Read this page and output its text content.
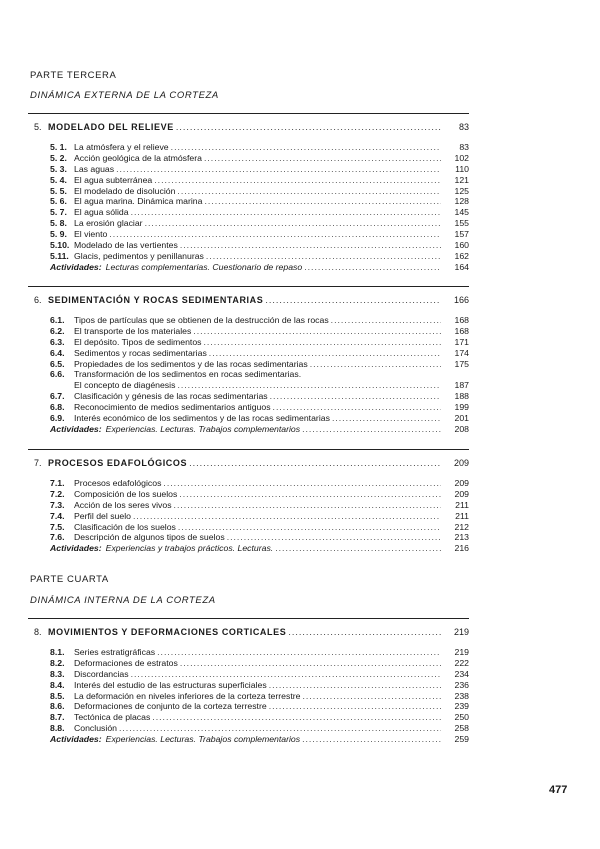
PARTE TERCERA
DINÁMICA EXTERNA DE LA CORTEZA
5. MODELADO DEL RELIEVE .....	83
5. 1. La atmósfera y el relieve .....	83
5. 2. Acción geológica de la atmósfera .....	102
5. 3. Las aguas .....	110
5. 4. El agua subterránea .....	121
5. 5. El modelado de disolución .....	125
5. 6. El agua marina. Dinámica marina .....	128
5. 7. El agua sólida .....	145
5. 8. La erosión glaciar .....	155
5. 9. El viento .....	157
5.10. Modelado de las vertientes .....	160
5.11. Glacis, pedimentos y penillanuras .....	162
Actividades: Lecturas complementarias. Cuestionario de repaso .....	164
6. SEDIMENTACIÓN Y ROCAS SEDIMENTARIAS .....	166
6.1.	Tipos de partículas que se obtienen de la destrucción de las rocas .....	168
6.2.	El transporte de los materiales .....	168
6.3.	El depósito. Tipos de sedimentos .....	171
6.4.	Sedimentos y rocas sedimentarias .....	174
6.5.	Propiedades de los sedimentos y de las rocas sedimentarias .....	175
6.6.	Transformación de los sedimentos en rocas sedimentarias.
El concepto de diagénesis .....	187
6.7.	Clasificación y génesis de las rocas sedimentarias .....	188
6.8.	Reconocimiento de medios sedimentarios antiguos .....	199
6.9.	Interés económico de los sedimentos y de las rocas sedimentarias .....	201
Actividades: Experiencias. Lecturas. Trabajos complementarios .....	208
7. PROCESOS EDAFOLÓGICOS .....	209
7.1.	Procesos edafológicos .....	209
7.2.	Composición de los suelos .....	209
7.3.	Acción de los seres vivos .....	211
7.4.	Perfil del suelo .....	211
7.5.	Clasificación de los suelos .....	212
7.6.	Descripción de algunos tipos de suelos .....	213
Actividades: Experiencias y trabajos prácticos. Lecturas. .....	216
PARTE CUARTA
DINÁMICA INTERNA DE LA CORTEZA
8. MOVIMIENTOS Y DEFORMACIONES CORTICALES .....	219
8.1.	Series estratigráficas .....	219
8.2.	Deformaciones de estratos .....	222
8.3.	Discordancias .....	234
8.4.	Interés del estudio de las estructuras superficiales .....	236
8.5.	La deformación en niveles inferiores de la corteza terrestre .....	238
8.6.	Deformaciones de conjunto de la corteza terrestre .....	239
8.7.	Tectónica de placas .....	250
8.8.	Conclusión .....	258
Actividades: Experiencias. Lecturas. Trabajos complementarios .....	259
477
